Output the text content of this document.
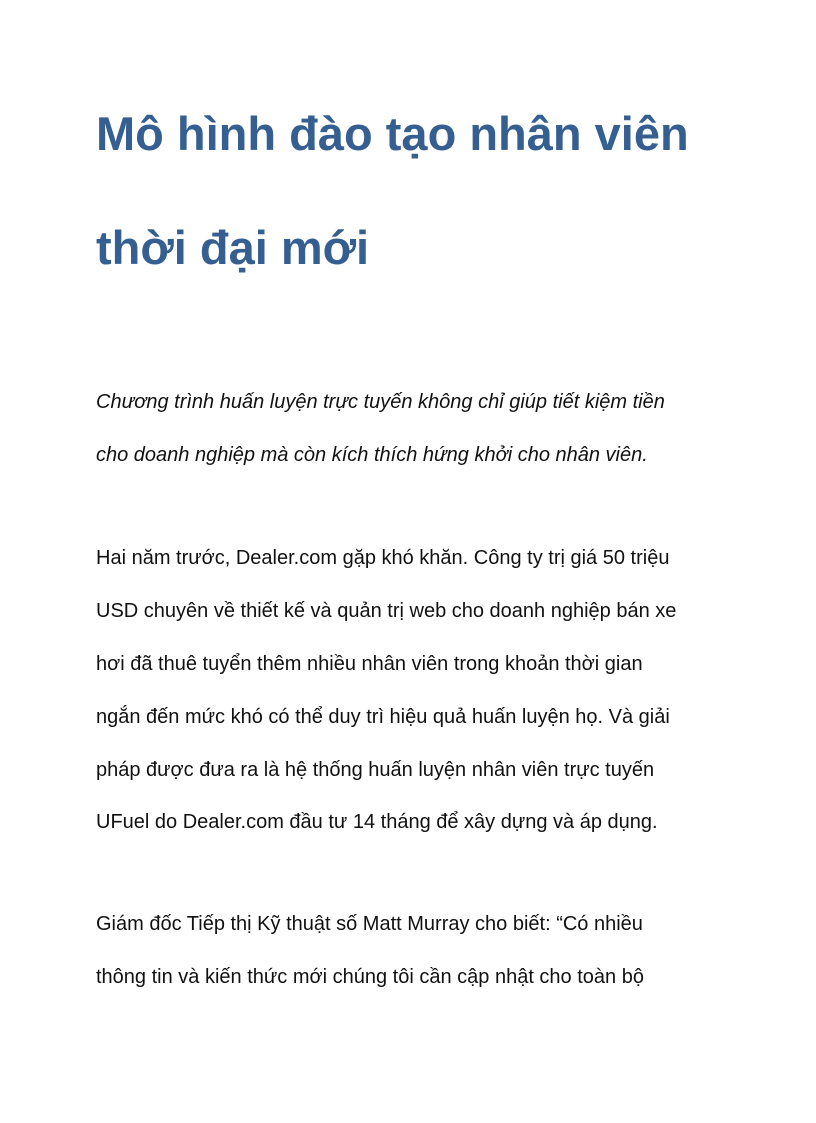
Mô hình đào tạo nhân viên
thời đại mới

Chương trình huấn luyện trực tuyến không chỉ giúp tiết kiệm tiền

cho doanh nghiệp mà còn kích thích hứng khởi cho nhân viên.

Hai năm trước, Dealer.com gặp khó khăn. Công ty trị giá 50 triệu

USD chuyên về thiết kế và quản trị web cho doanh nghiệp bán xe

hơi đã thuê tuyển thêm nhiều nhân viên trong khoản thời gian

ngắn đến mức khó có thể duy trì hiệu quả huấn luyện họ. Và giải

pháp được đưa ra là hệ thống huấn luyện nhân viên trực tuyến

UFuel do Dealer.com đầu tư 14 tháng để xây dựng và áp dụng.

Giám đốc Tiếp thị Kỹ thuật số Matt Murray cho biết: “Có nhiều

thông tin và kiến thức mới chúng tôi cần cập nhật cho toàn bộ
